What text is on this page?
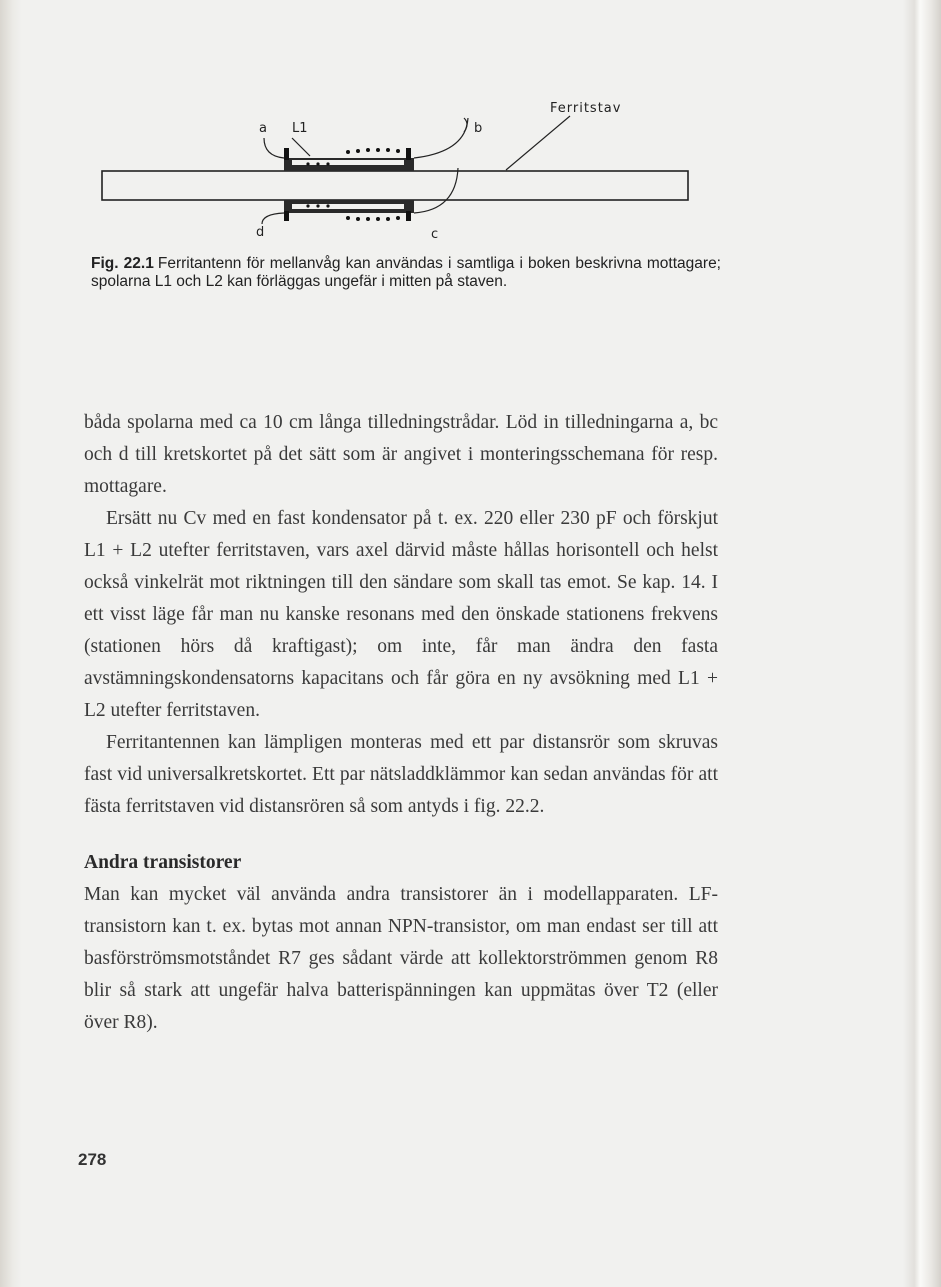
Ferritstav
a L1	b
d	c
Fig. 22.1 Ferritantenn för mellanvåg kan användas i samtliga i boken beskrivna mottagare; spolarna L1 och L2 kan förläggas ungefär i mitten på staven.

båda spolarna med ca 10 cm långa tilledningstrådar. Löd in tilledningarna a, bc och d till kretskortet på det sätt som är angivet i monteringsschemana för resp. mottagare.

Ersätt nu Cv med en fast kondensator på t. ex. 220 eller 230 pF och förskjut L1 + L2 utefter ferritstaven, vars axel därvid måste hållas horisontell och helst också vinkelrät mot riktningen till den sändare som skall tas emot. Se kap. 14. I ett visst läge får man nu kanske resonans med den önskade stationens frekvens (stationen hörs då kraftigast); om inte, får man ändra den fasta avstämningskondensatorns kapacitans och får göra en ny avsökning med L1 + L2 utefter ferritstaven.

Ferritantennen kan lämpligen monteras med ett par distansrör som skruvas fast vid universalkretskortet. Ett par nätsladdklämmor kan sedan användas för att fästa ferritstaven vid distansrören så som antyds i fig. 22.2.

Andra transistorer

Man kan mycket väl använda andra transistorer än i modellapparaten. LF-transistorn kan t. ex. bytas mot annan NPN-transistor, om man endast ser till att basförströmsmotståndet R7 ges sådant värde att kollektorströmmen genom R8 blir så stark att ungefär halva batterispänningen kan uppmätas över T2 (eller över R8).

278
